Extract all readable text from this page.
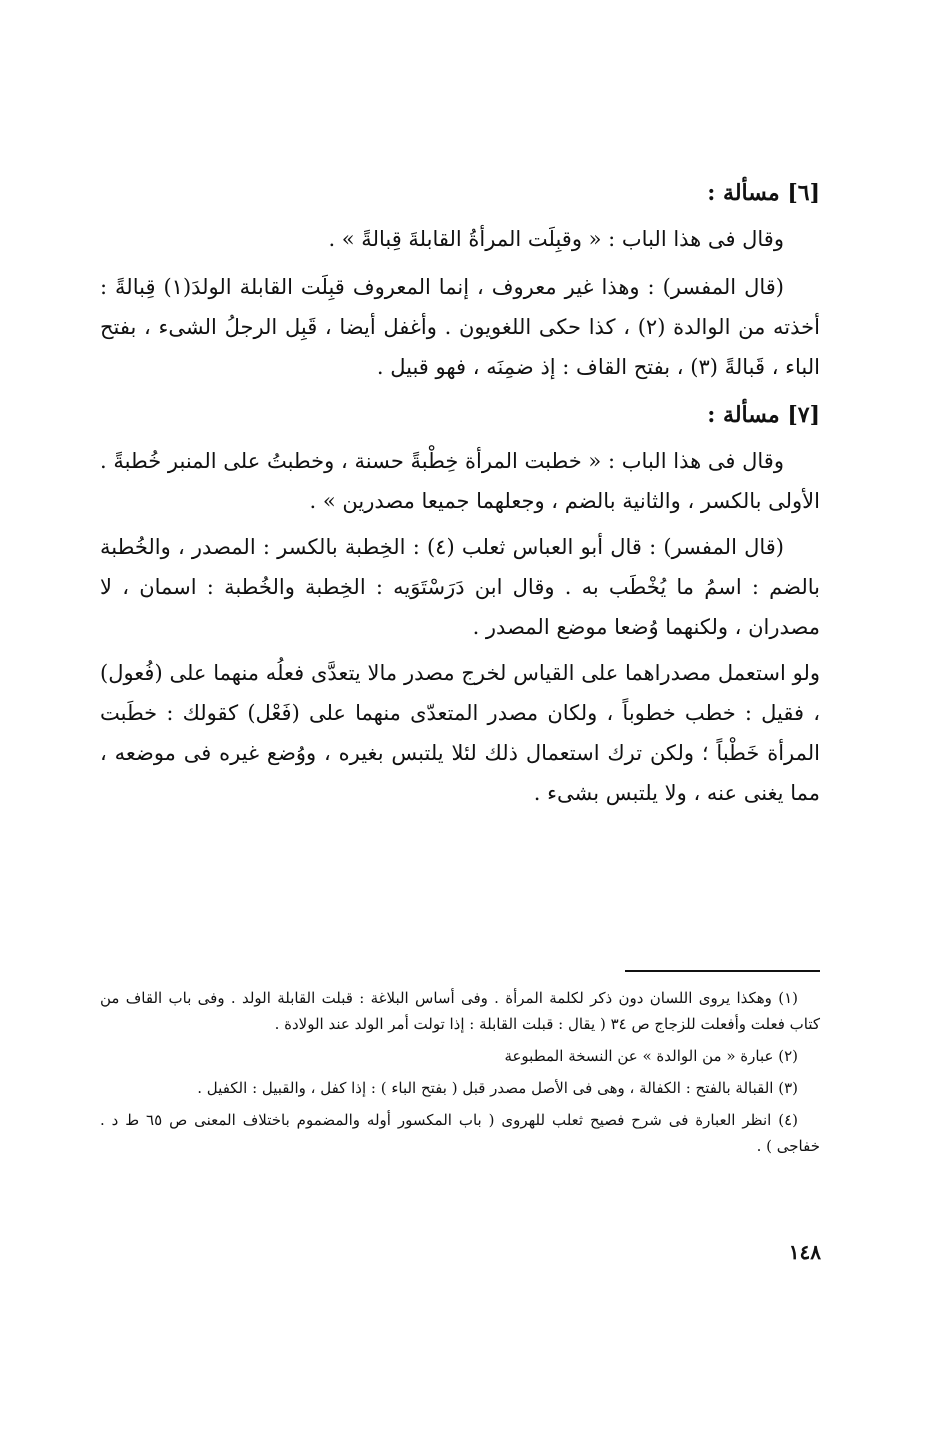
[٦] مسألة :
وقال فى هذا الباب : « وقبِلَت المرأةُ القابلةَ قِبالةً » .
(قال المفسر) : وهذا غير معروف ، إنما المعروف قبِلَت القابلة الولدَ(١) قِبالةً : أخذته من الوالدة (٢) ، كذا حكى اللغويون . وأغفل أيضا ، قَبِل الرجلُ الشىء ، بفتح الباء ، قَبالةً (٣) ، بفتح القاف : إذ ضمِنَه ، فهو قبيل .
[٧] مسألة :
وقال فى هذا الباب : « خطبت المرأة خِطْبةً حسنة ، وخطبتُ على المنبر خُطبةً . الأولى بالكسر ، والثانية بالضم ، وجعلهما جميعا مصدرين » .
(قال المفسر) : قال أبو العباس ثعلب (٤) : الخِطبة بالكسر : المصدر ، والخُطبة بالضم : اسمُ ما يُخْطَب به . وقال ابن دَرَسْتَوَيه : الخِطبة والخُطبة : اسمان ، لا مصدران ، ولكنهما وُضعا موضع المصدر .
ولو استعمل مصدراهما على القياس لخرج مصدر مالا يتعدَّى فعلُه منهما على (فُعول) ، فقيل : خطب خطوباً ، ولكان مصدر المتعدّى منهما على (فَعْل) كقولك : خطَبت المرأة خَطْباً ؛ ولكن ترك استعمال ذلك لئلا يلتبس بغيره ، ووُضع غيره فى موضعه ، مما يغنى عنه ، ولا يلتبس بشىء .
(١) وهكذا يروى اللسان دون ذكر لكلمة المرأة . وفى أساس البلاغة : قبلت القابلة الولد . وفى باب القاف من كتاب فعلت وأفعلت للزجاج ص ٣٤ ( يقال : قبلت القابلة : إذا تولت أمر الولد عند الولادة .
(٢) عبارة « من الوالدة » عن النسخة المطبوعة
(٣) القبالة بالفتح : الكفالة ، وهى فى الأصل مصدر قبل ( بفتح الباء ) : إذا كفل ، والقبيل : الكفيل .
(٤) انظر العبارة فى شرح فصيح ثعلب للهروى ( باب المكسور أوله والمضموم باختلاف المعنى ص ٦٥ ط د . خفاجى ) .
١٤٨
